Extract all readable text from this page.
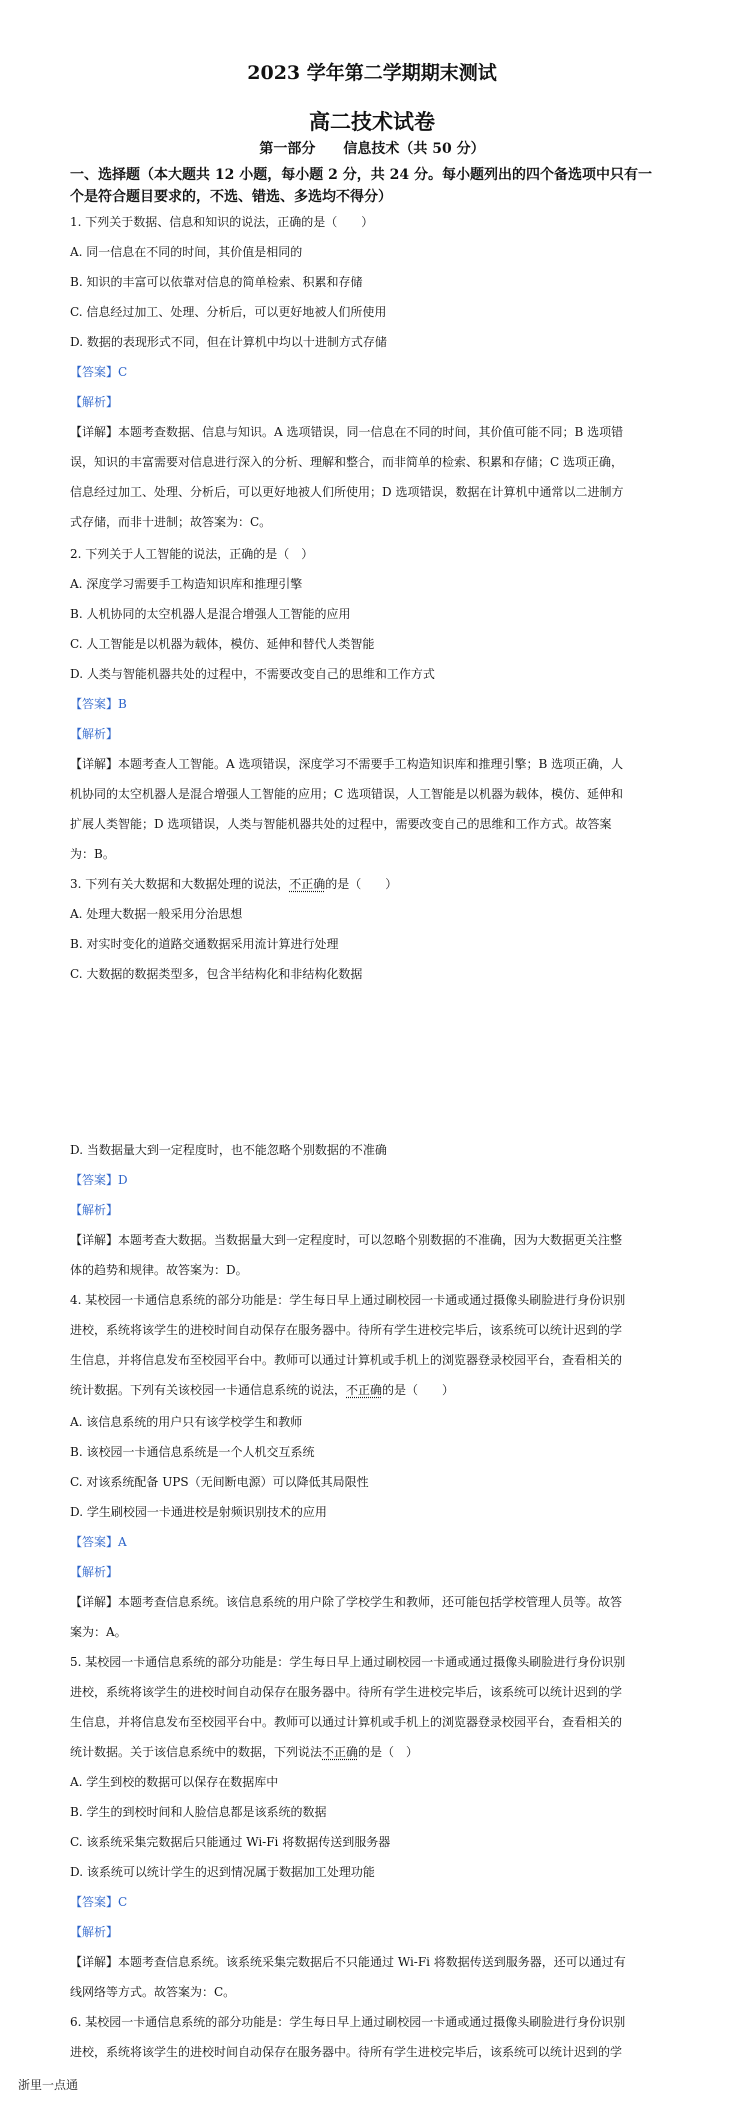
2023 学年第二学期期末测试
高二技术试卷
第一部分　　信息技术（共 50 分）
一、选择题（本大题共 12 小题，每小题 2 分，共 24 分。每小题列出的四个备选项中只有一
个是符合题目要求的，不选、错选、多选均不得分）
1. 下列关于数据、信息和知识的说法，正确的是（　　）
A. 同一信息在不同的时间，其价值是相同的
B. 知识的丰富可以依靠对信息的简单检索、积累和存储
C. 信息经过加工、处理、分析后，可以更好地被人们所使用
D. 数据的表现形式不同，但在计算机中均以十进制方式存储
【答案】C
【解析】
【详解】本题考查数据、信息与知识。A 选项错误，同一信息在不同的时间，其价值可能不同；B 选项错
误，知识的丰富需要对信息进行深入的分析、理解和整合，而非简单的检索、积累和存储；C 选项正确，
信息经过加工、处理、分析后，可以更好地被人们所使用；D 选项错误，数据在计算机中通常以二进制方
式存储，而非十进制；故答案为：C。
2. 下列关于人工智能的说法，正确的是（　）
A. 深度学习需要手工构造知识库和推理引擎
B. 人机协同的太空机器人是混合增强人工智能的应用
C. 人工智能是以机器为载体，模仿、延伸和替代人类智能
D. 人类与智能机器共处的过程中，不需要改变自己的思维和工作方式
【答案】B
【解析】
【详解】本题考查人工智能。A 选项错误，深度学习不需要手工构造知识库和推理引擎；B 选项正确，人
机协同的太空机器人是混合增强人工智能的应用；C 选项错误，人工智能是以机器为载体，模仿、延伸和
扩展人类智能；D 选项错误，人类与智能机器共处的过程中，需要改变自己的思维和工作方式。故答案
为：B。
3. 下列有关大数据和大数据处理的说法，不正确的是（　　）
A. 处理大数据一般采用分治思想
B. 对实时变化的道路交通数据采用流计算进行处理
C. 大数据的数据类型多，包含半结构化和非结构化数据
D. 当数据量大到一定程度时，也不能忽略个别数据的不准确
【答案】D
【解析】
【详解】本题考查大数据。当数据量大到一定程度时，可以忽略个别数据的不准确，因为大数据更关注整
体的趋势和规律。故答案为：D。
4. 某校园一卡通信息系统的部分功能是：学生每日早上通过刷校园一卡通或通过摄像头刷脸进行身份识别
进校，系统将该学生的进校时间自动保存在服务器中。待所有学生进校完毕后，该系统可以统计迟到的学
生信息，并将信息发布至校园平台中。教师可以通过计算机或手机上的浏览器登录校园平台，查看相关的
统计数据。下列有关该校园一卡通信息系统的说法，不正确的是（　　）
A. 该信息系统的用户只有该学校学生和教师
B. 该校园一卡通信息系统是一个人机交互系统
C. 对该系统配备 UPS（无间断电源）可以降低其局限性
D. 学生刷校园一卡通进校是射频识别技术的应用
【答案】A
【解析】
【详解】本题考查信息系统。该信息系统的用户除了学校学生和教师，还可能包括学校管理人员等。故答
案为：A。
5. 某校园一卡通信息系统的部分功能是：学生每日早上通过刷校园一卡通或通过摄像头刷脸进行身份识别
进校，系统将该学生的进校时间自动保存在服务器中。待所有学生进校完毕后，该系统可以统计迟到的学
生信息，并将信息发布至校园平台中。教师可以通过计算机或手机上的浏览器登录校园平台，查看相关的
统计数据。关于该信息系统中的数据，下列说法不正确的是（　）
A. 学生到校的数据可以保存在数据库中
B. 学生的到校时间和人脸信息都是该系统的数据
C. 该系统采集完数据后只能通过 Wi-Fi 将数据传送到服务器
D. 该系统可以统计学生的迟到情况属于数据加工处理功能
【答案】C
【解析】
【详解】本题考查信息系统。该系统采集完数据后不只能通过 Wi-Fi 将数据传送到服务器，还可以通过有
线网络等方式。故答案为：C。
6. 某校园一卡通信息系统的部分功能是：学生每日早上通过刷校园一卡通或通过摄像头刷脸进行身份识别
进校，系统将该学生的进校时间自动保存在服务器中。待所有学生进校完毕后，该系统可以统计迟到的学
浙里一点通
